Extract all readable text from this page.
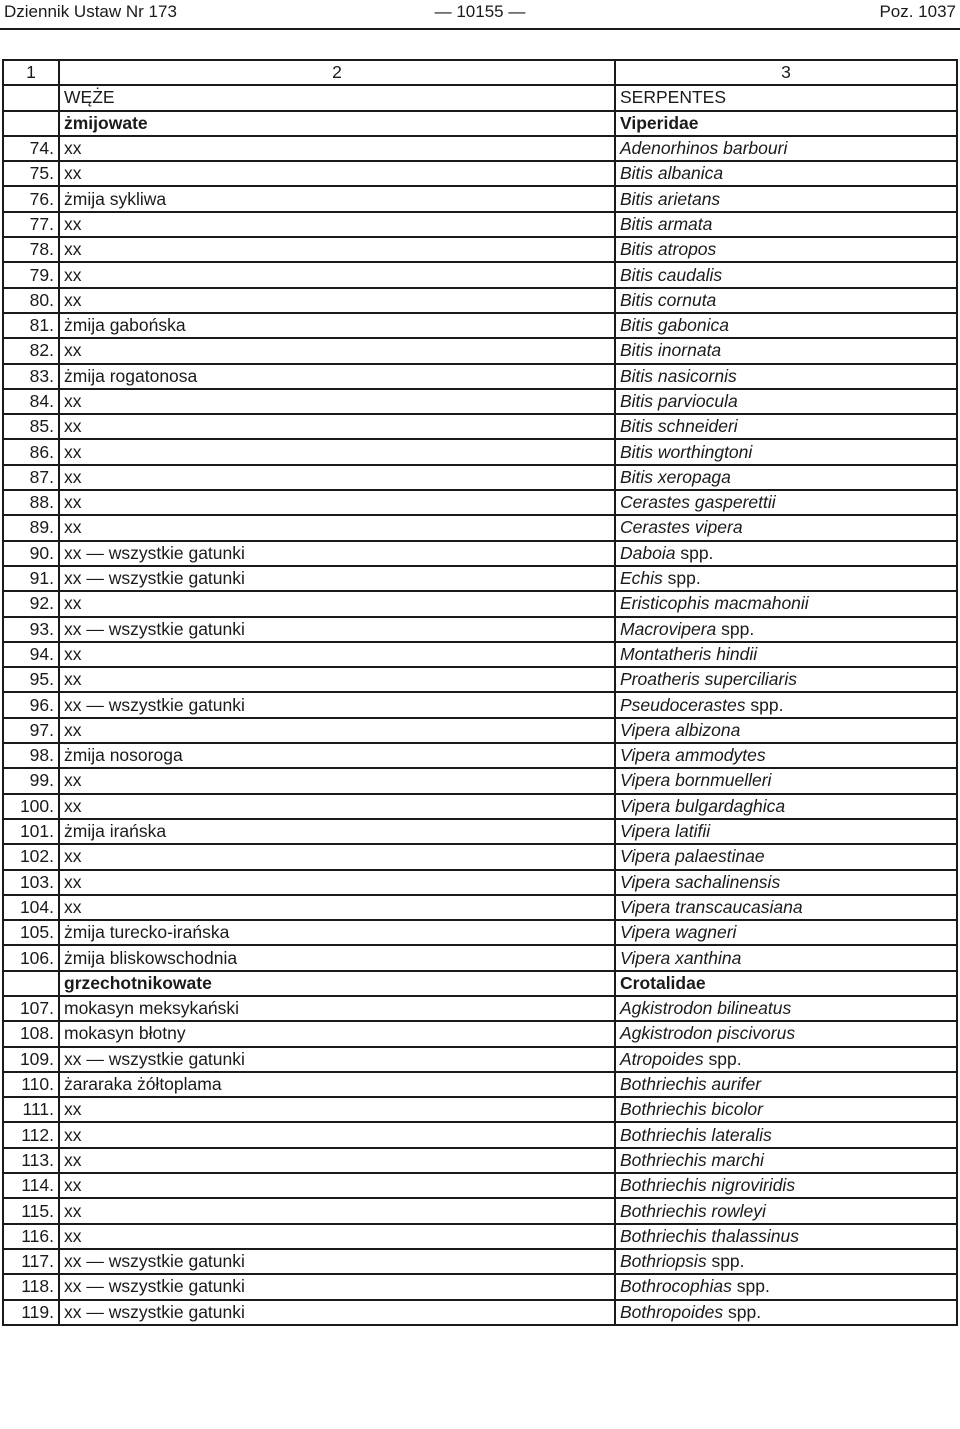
Dziennik Ustaw Nr 173	— 10155 —	Poz. 1037
1	2	3
	WĘŻE	SERPENTES
	żmijowate	Viperidae
74.	xx	Adenorhinos barbouri
75.	xx	Bitis albanica
76.	żmija sykliwa	Bitis arietans
77.	xx	Bitis armata
78.	xx	Bitis atropos
79.	xx	Bitis caudalis
80.	xx	Bitis cornuta
81.	żmija gabońska	Bitis gabonica
82.	xx	Bitis inornata
83.	żmija rogatonosa	Bitis nasicornis
84.	xx	Bitis parviocula
85.	xx	Bitis schneideri
86.	xx	Bitis worthingtoni
87.	xx	Bitis xeropaga
88.	xx	Cerastes gasperettii
89.	xx	Cerastes vipera
90.	xx — wszystkie gatunki	Daboia spp.
91.	xx — wszystkie gatunki	Echis spp.
92.	xx	Eristicophis macmahonii
93.	xx — wszystkie gatunki	Macrovipera spp.
94.	xx	Montatheris hindii
95.	xx	Proatheris superciliaris
96.	xx — wszystkie gatunki	Pseudocerastes spp.
97.	xx	Vipera albizona
98.	żmija nosoroga	Vipera ammodytes
99.	xx	Vipera bornmuelleri
100.	xx	Vipera bulgardaghica
101.	żmija irańska	Vipera latifii
102.	xx	Vipera palaestinae
103.	xx	Vipera sachalinensis
104.	xx	Vipera transcaucasiana
105.	żmija turecko-irańska	Vipera wagneri
106.	żmija bliskowschodnia	Vipera xanthina
	grzechotnikowate	Crotalidae
107.	mokasyn meksykański	Agkistrodon bilineatus
108.	mokasyn błotny	Agkistrodon piscivorus
109.	xx — wszystkie gatunki	Atropoides spp.
110.	żararaka żółtoplama	Bothriechis aurifer
111.	xx	Bothriechis bicolor
112.	xx	Bothriechis lateralis
113.	xx	Bothriechis marchi
114.	xx	Bothriechis nigroviridis
115.	xx	Bothriechis rowleyi
116.	xx	Bothriechis thalassinus
117.	xx — wszystkie gatunki	Bothriopsis spp.
118.	xx — wszystkie gatunki	Bothrocophias spp.
119.	xx — wszystkie gatunki	Bothropoides spp.
